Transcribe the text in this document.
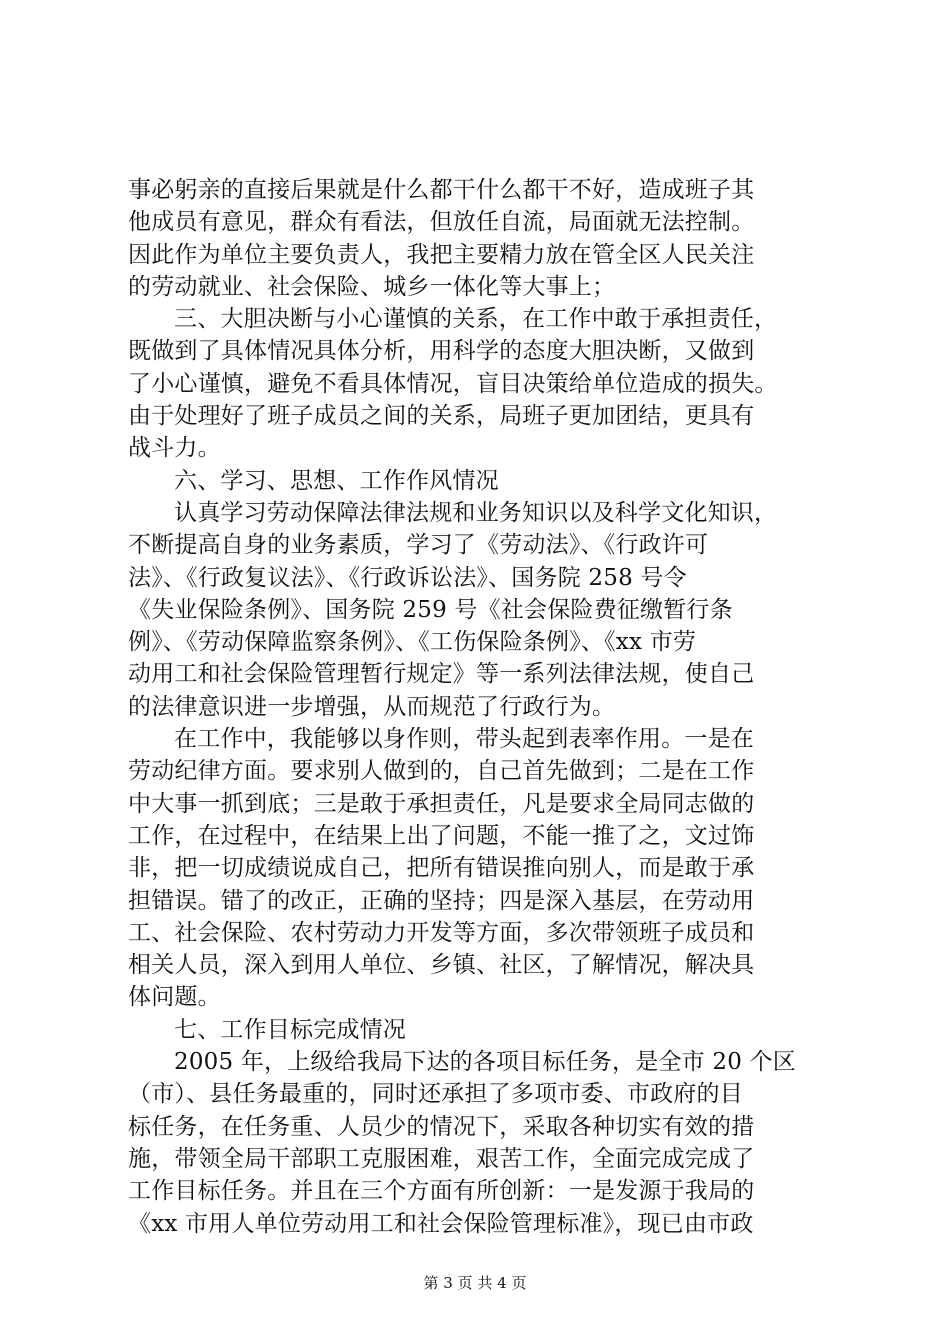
事必躬亲的直接后果就是什么都干什么都干不好，造成班子其
他成员有意见，群众有看法，但放任自流，局面就无法控制。
因此作为单位主要负责人，我把主要精力放在管全区人民关注
的劳动就业、社会保险、城乡一体化等大事上；
三、大胆决断与小心谨慎的关系，在工作中敢于承担责任，
既做到了具体情况具体分析，用科学的态度大胆决断，又做到
了小心谨慎，避免不看具体情况，盲目决策给单位造成的损失。
由于处理好了班子成员之间的关系，局班子更加团结，更具有
战斗力。
六、学习、思想、工作作风情况
认真学习劳动保障法律法规和业务知识以及科学文化知识，
不断提高自身的业务素质，学习了《劳动法》、《行政许可
法》、《行政复议法》、《行政诉讼法》、国务院 258 号令
《失业保险条例》、国务院 259 号《社会保险费征缴暂行条
例》、《劳动保障监察条例》、《工伤保险条例》、《xx 市劳
动用工和社会保险管理暂行规定》等一系列法律法规，使自己
的法律意识进一步增强，从而规范了行政行为。
在工作中，我能够以身作则，带头起到表率作用。一是在
劳动纪律方面。要求别人做到的，自己首先做到；二是在工作
中大事一抓到底；三是敢于承担责任，凡是要求全局同志做的
工作，在过程中，在结果上出了问题，不能一推了之，文过饰
非，把一切成绩说成自己，把所有错误推向别人，而是敢于承
担错误。错了的改正，正确的坚持；四是深入基层，在劳动用
工、社会保险、农村劳动力开发等方面，多次带领班子成员和
相关人员，深入到用人单位、乡镇、社区，了解情况，解决具
体问题。
七、工作目标完成情况
2005 年，上级给我局下达的各项目标任务，是全市 20 个区
（市）、县任务最重的，同时还承担了多项市委、市政府的目
标任务，在任务重、人员少的情况下，采取各种切实有效的措
施，带领全局干部职工克服困难，艰苦工作，全面完成完成了
工作目标任务。并且在三个方面有所创新：一是发源于我局的
《xx 市用人单位劳动用工和社会保险管理标准》，现已由市政
第 3 页 共 4 页
